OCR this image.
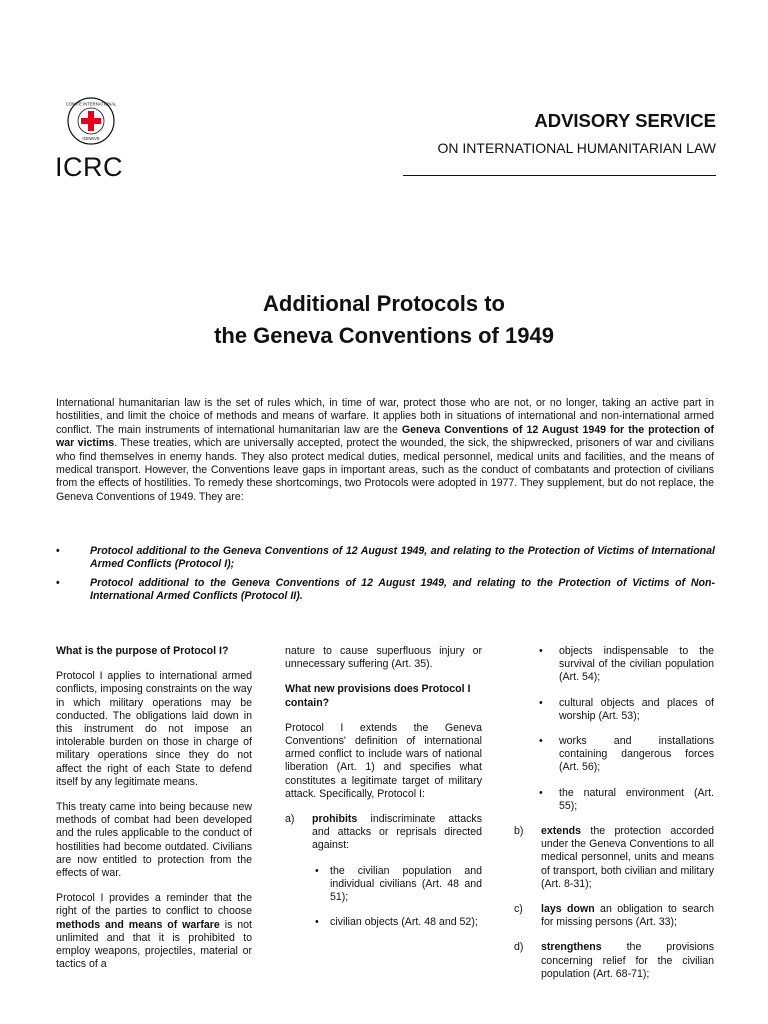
COMITE INTERNATIONAL
GENEVE
ICRC
ADVISORY SERVICE
ON INTERNATIONAL HUMANITARIAN LAW
Additional Protocols to
the Geneva Conventions of 1949

International humanitarian law is the set of rules which, in time of war, protect those who are not, or no longer, taking an active part in hostilities, and limit the choice of methods and means of warfare. It applies both in situations of international and non-international armed conflict. The main instruments of international humanitarian law are the Geneva Conventions of 12 August 1949 for the protection of war victims. These treaties, which are universally accepted, protect the wounded, the sick, the shipwrecked, prisoners of war and civilians who find themselves in enemy hands. They also protect medical duties, medical personnel, medical units and facilities, and the means of medical transport. However, the Conventions leave gaps in important areas, such as the conduct of combatants and protection of civilians from the effects of hostilities. To remedy these shortcomings, two Protocols were adopted in 1977. They supplement, but do not replace, the Geneva Conventions of 1949. They are:

•	Protocol additional to the Geneva Conventions of 12 August 1949, and relating to the Protection of Victims of International Armed Conflicts (Protocol I);
•	Protocol additional to the Geneva Conventions of 12 August 1949, and relating to the Protection of Victims of Non-International Armed Conflicts (Protocol II).
What is the purpose of Protocol I?

Protocol I applies to international armed conflicts, imposing constraints on the way in which military operations may be conducted. The obligations laid down in this instrument do not impose an intolerable burden on those in charge of military operations since they do not affect the right of each State to defend itself by any legitimate means.

This treaty came into being because new methods of combat had been developed and the rules applicable to the conduct of hostilities had become outdated. Civilians are now entitled to protection from the effects of war.

Protocol I provides a reminder that the right of the parties to conflict to choose methods and means of warfare is not unlimited and that it is prohibited to employ weapons, projectiles, material or tactics of a

nature to cause superfluous injury or unnecessary suffering (Art. 35).

What new provisions does Protocol I contain?

Protocol I extends the Geneva Conventions' definition of international armed conflict to include wars of national liberation (Art. 1) and specifies what constitutes a legitimate target of military attack. Specifically, Protocol I:

a) prohibits indiscriminate attacks and attacks or reprisals directed against:
• the civilian population and individual civilians (Art. 48 and 51);
• civilian objects (Art. 48 and 52);
• objects indispensable to the survival of the civilian population (Art. 54);
• cultural objects and places of worship (Art. 53);
• works and installations containing dangerous forces (Art. 56);
• the natural environment (Art. 55);
b) extends the protection accorded under the Geneva Conventions to all medical personnel, units and means of transport, both civilian and military (Art. 8-31);
c) lays down an obligation to search for missing persons (Art. 33);
d) strengthens the provisions concerning relief for the civilian population (Art. 68-71);
